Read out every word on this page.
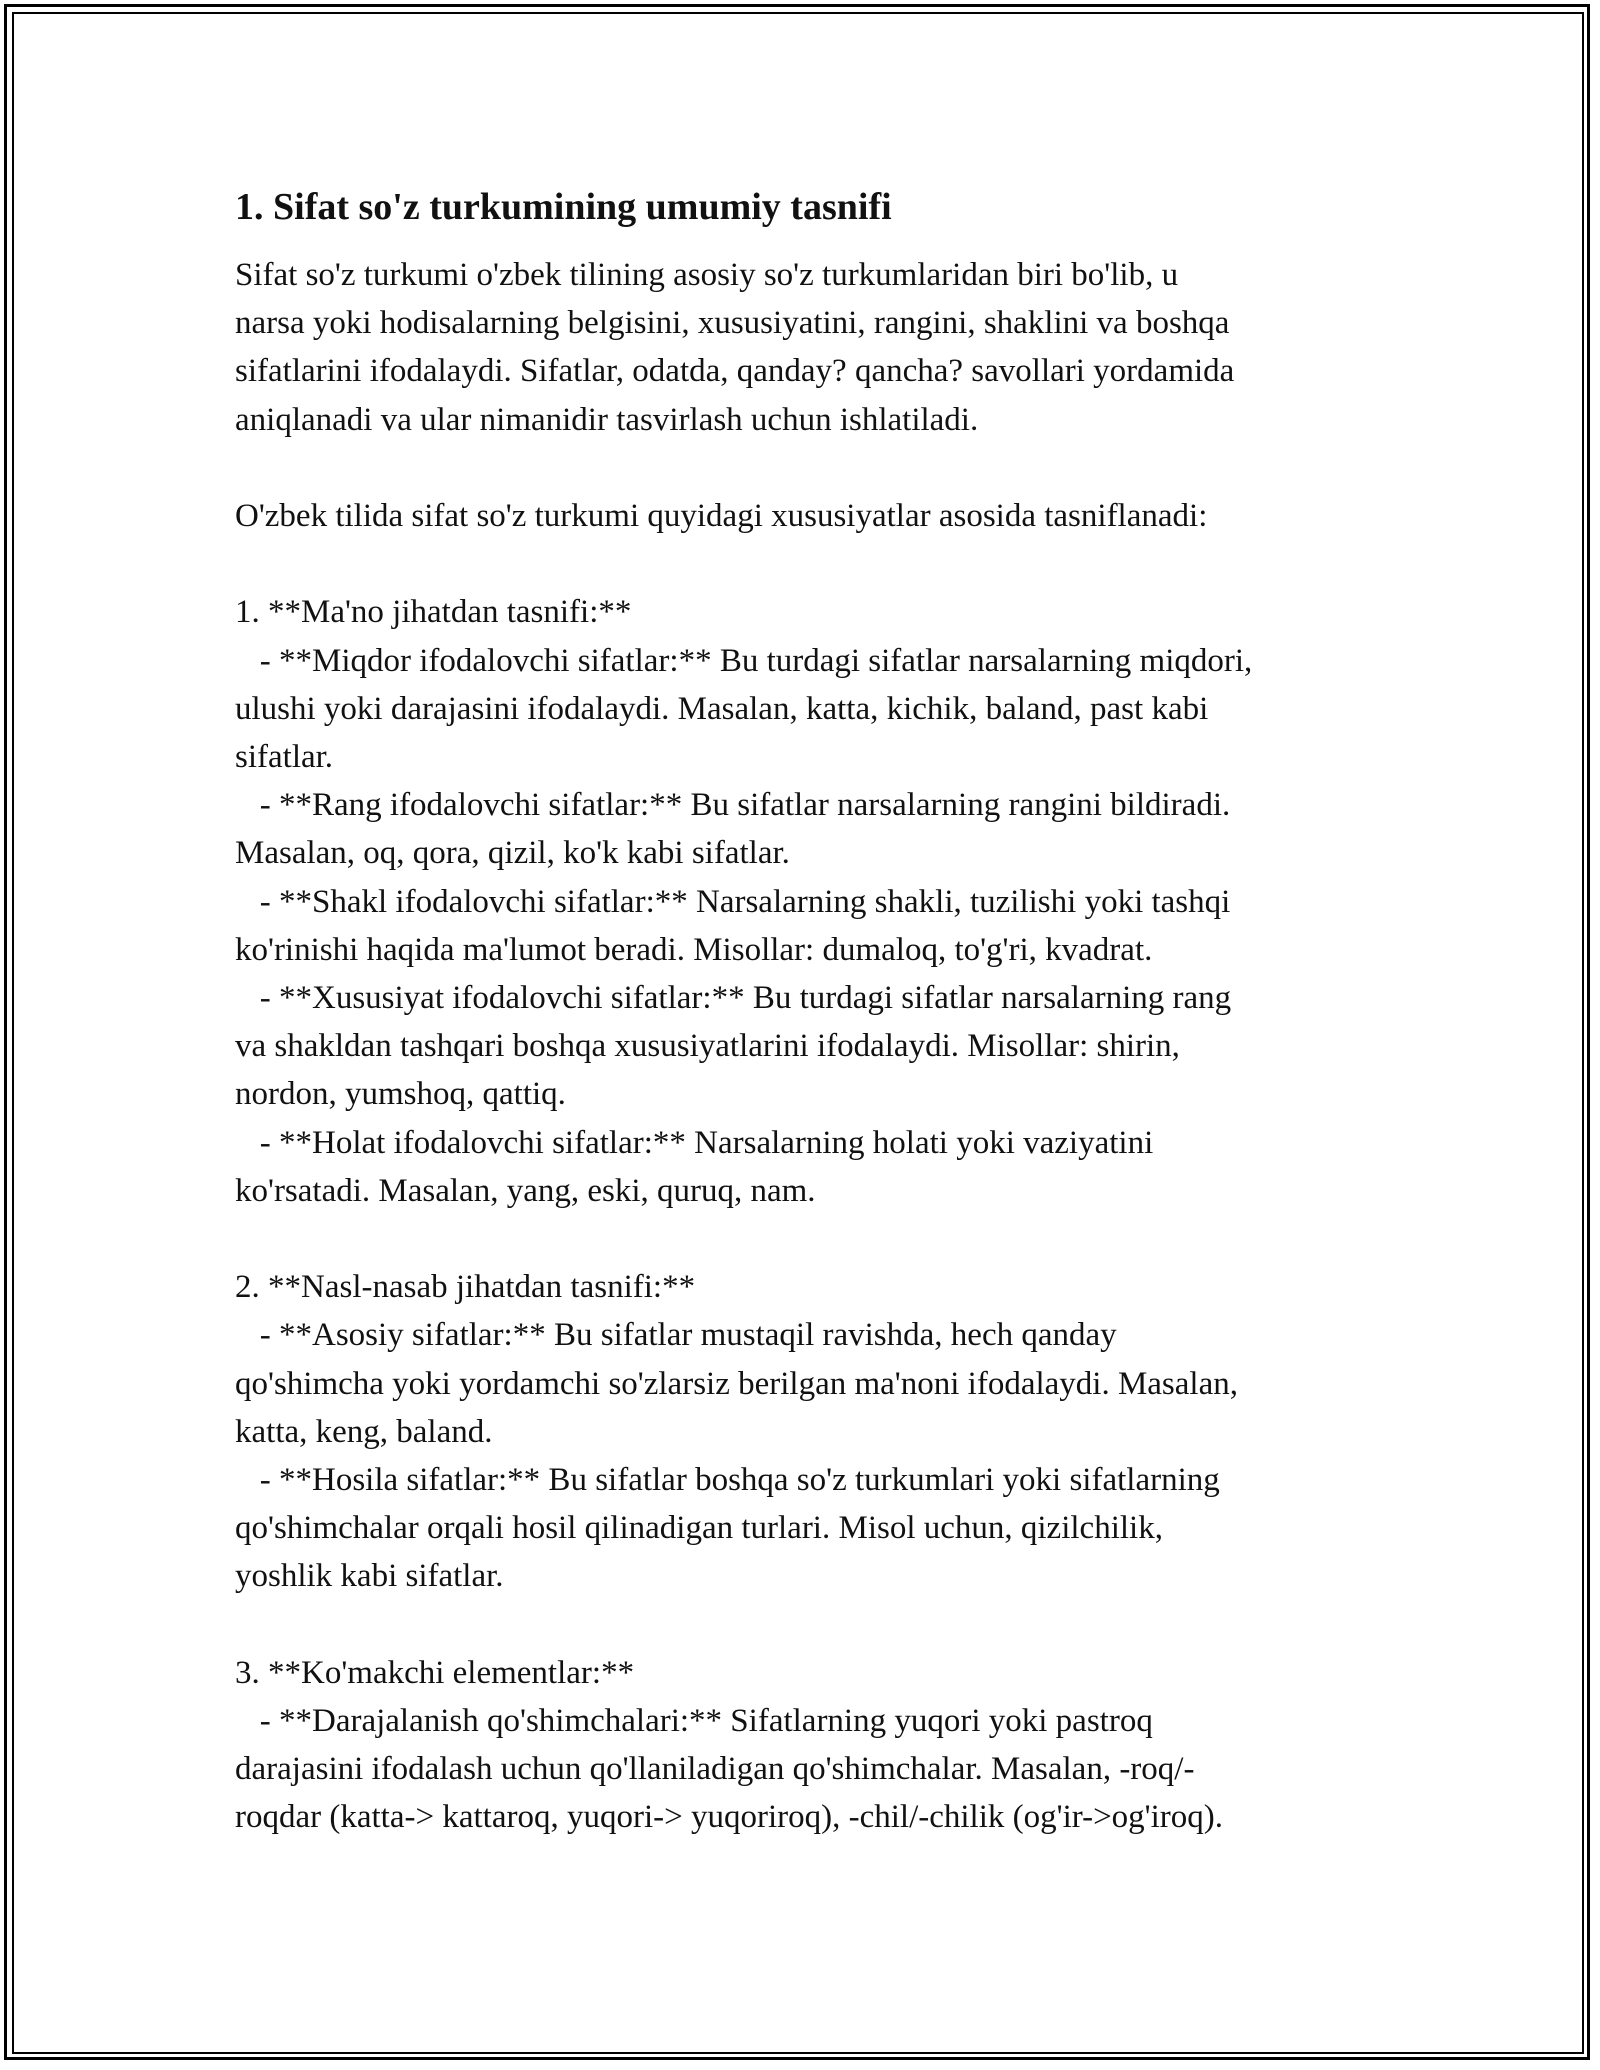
1. Sifat so'z turkumining umumiy tasnifi
Sifat so'z turkumi o'zbek tilining asosiy so'z turkumlaridan biri bo'lib, u
narsa yoki hodisalarning belgisini, xususiyatini, rangini, shaklini va boshqa
sifatlarini ifodalaydi. Sifatlar, odatda, qanday? qancha? savollari yordamida
aniqlanadi va ular nimanidir tasvirlash uchun ishlatiladi.
O'zbek tilida sifat so'z turkumi quyidagi xususiyatlar asosida tasniflanadi:
1. **Ma'no jihatdan tasnifi:**
- **Miqdor ifodalovchi sifatlar:** Bu turdagi sifatlar narsalarning miqdori,
ulushi yoki darajasini ifodalaydi. Masalan, katta, kichik, baland, past kabi
sifatlar.
- **Rang ifodalovchi sifatlar:** Bu sifatlar narsalarning rangini bildiradi.
Masalan, oq, qora, qizil, ko'k kabi sifatlar.
- **Shakl ifodalovchi sifatlar:** Narsalarning shakli, tuzilishi yoki tashqi
ko'rinishi haqida ma'lumot beradi. Misollar: dumaloq, to'g'ri, kvadrat.
- **Xususiyat ifodalovchi sifatlar:** Bu turdagi sifatlar narsalarning rang
va shakldan tashqari boshqa xususiyatlarini ifodalaydi. Misollar: shirin,
nordon, yumshoq, qattiq.
- **Holat ifodalovchi sifatlar:** Narsalarning holati yoki vaziyatini
ko'rsatadi. Masalan, yang, eski, quruq, nam.
2. **Nasl-nasab jihatdan tasnifi:**
- **Asosiy sifatlar:** Bu sifatlar mustaqil ravishda, hech qanday
qo'shimcha yoki yordamchi so'zlarsiz berilgan ma'noni ifodalaydi. Masalan,
katta, keng, baland.
- **Hosila sifatlar:** Bu sifatlar boshqa so'z turkumlari yoki sifatlarning
qo'shimchalar orqali hosil qilinadigan turlari. Misol uchun, qizilchilik,
yoshlik kabi sifatlar.
3. **Ko'makchi elementlar:**
- **Darajalanish qo'shimchalari:** Sifatlarning yuqori yoki pastroq
darajasini ifodalash uchun qo'llaniladigan qo'shimchalar. Masalan, -roq/-
roqdar (katta-> kattaroq, yuqori-> yuqoriroq), -chil/-chilik (og'ir->og'iroq).
